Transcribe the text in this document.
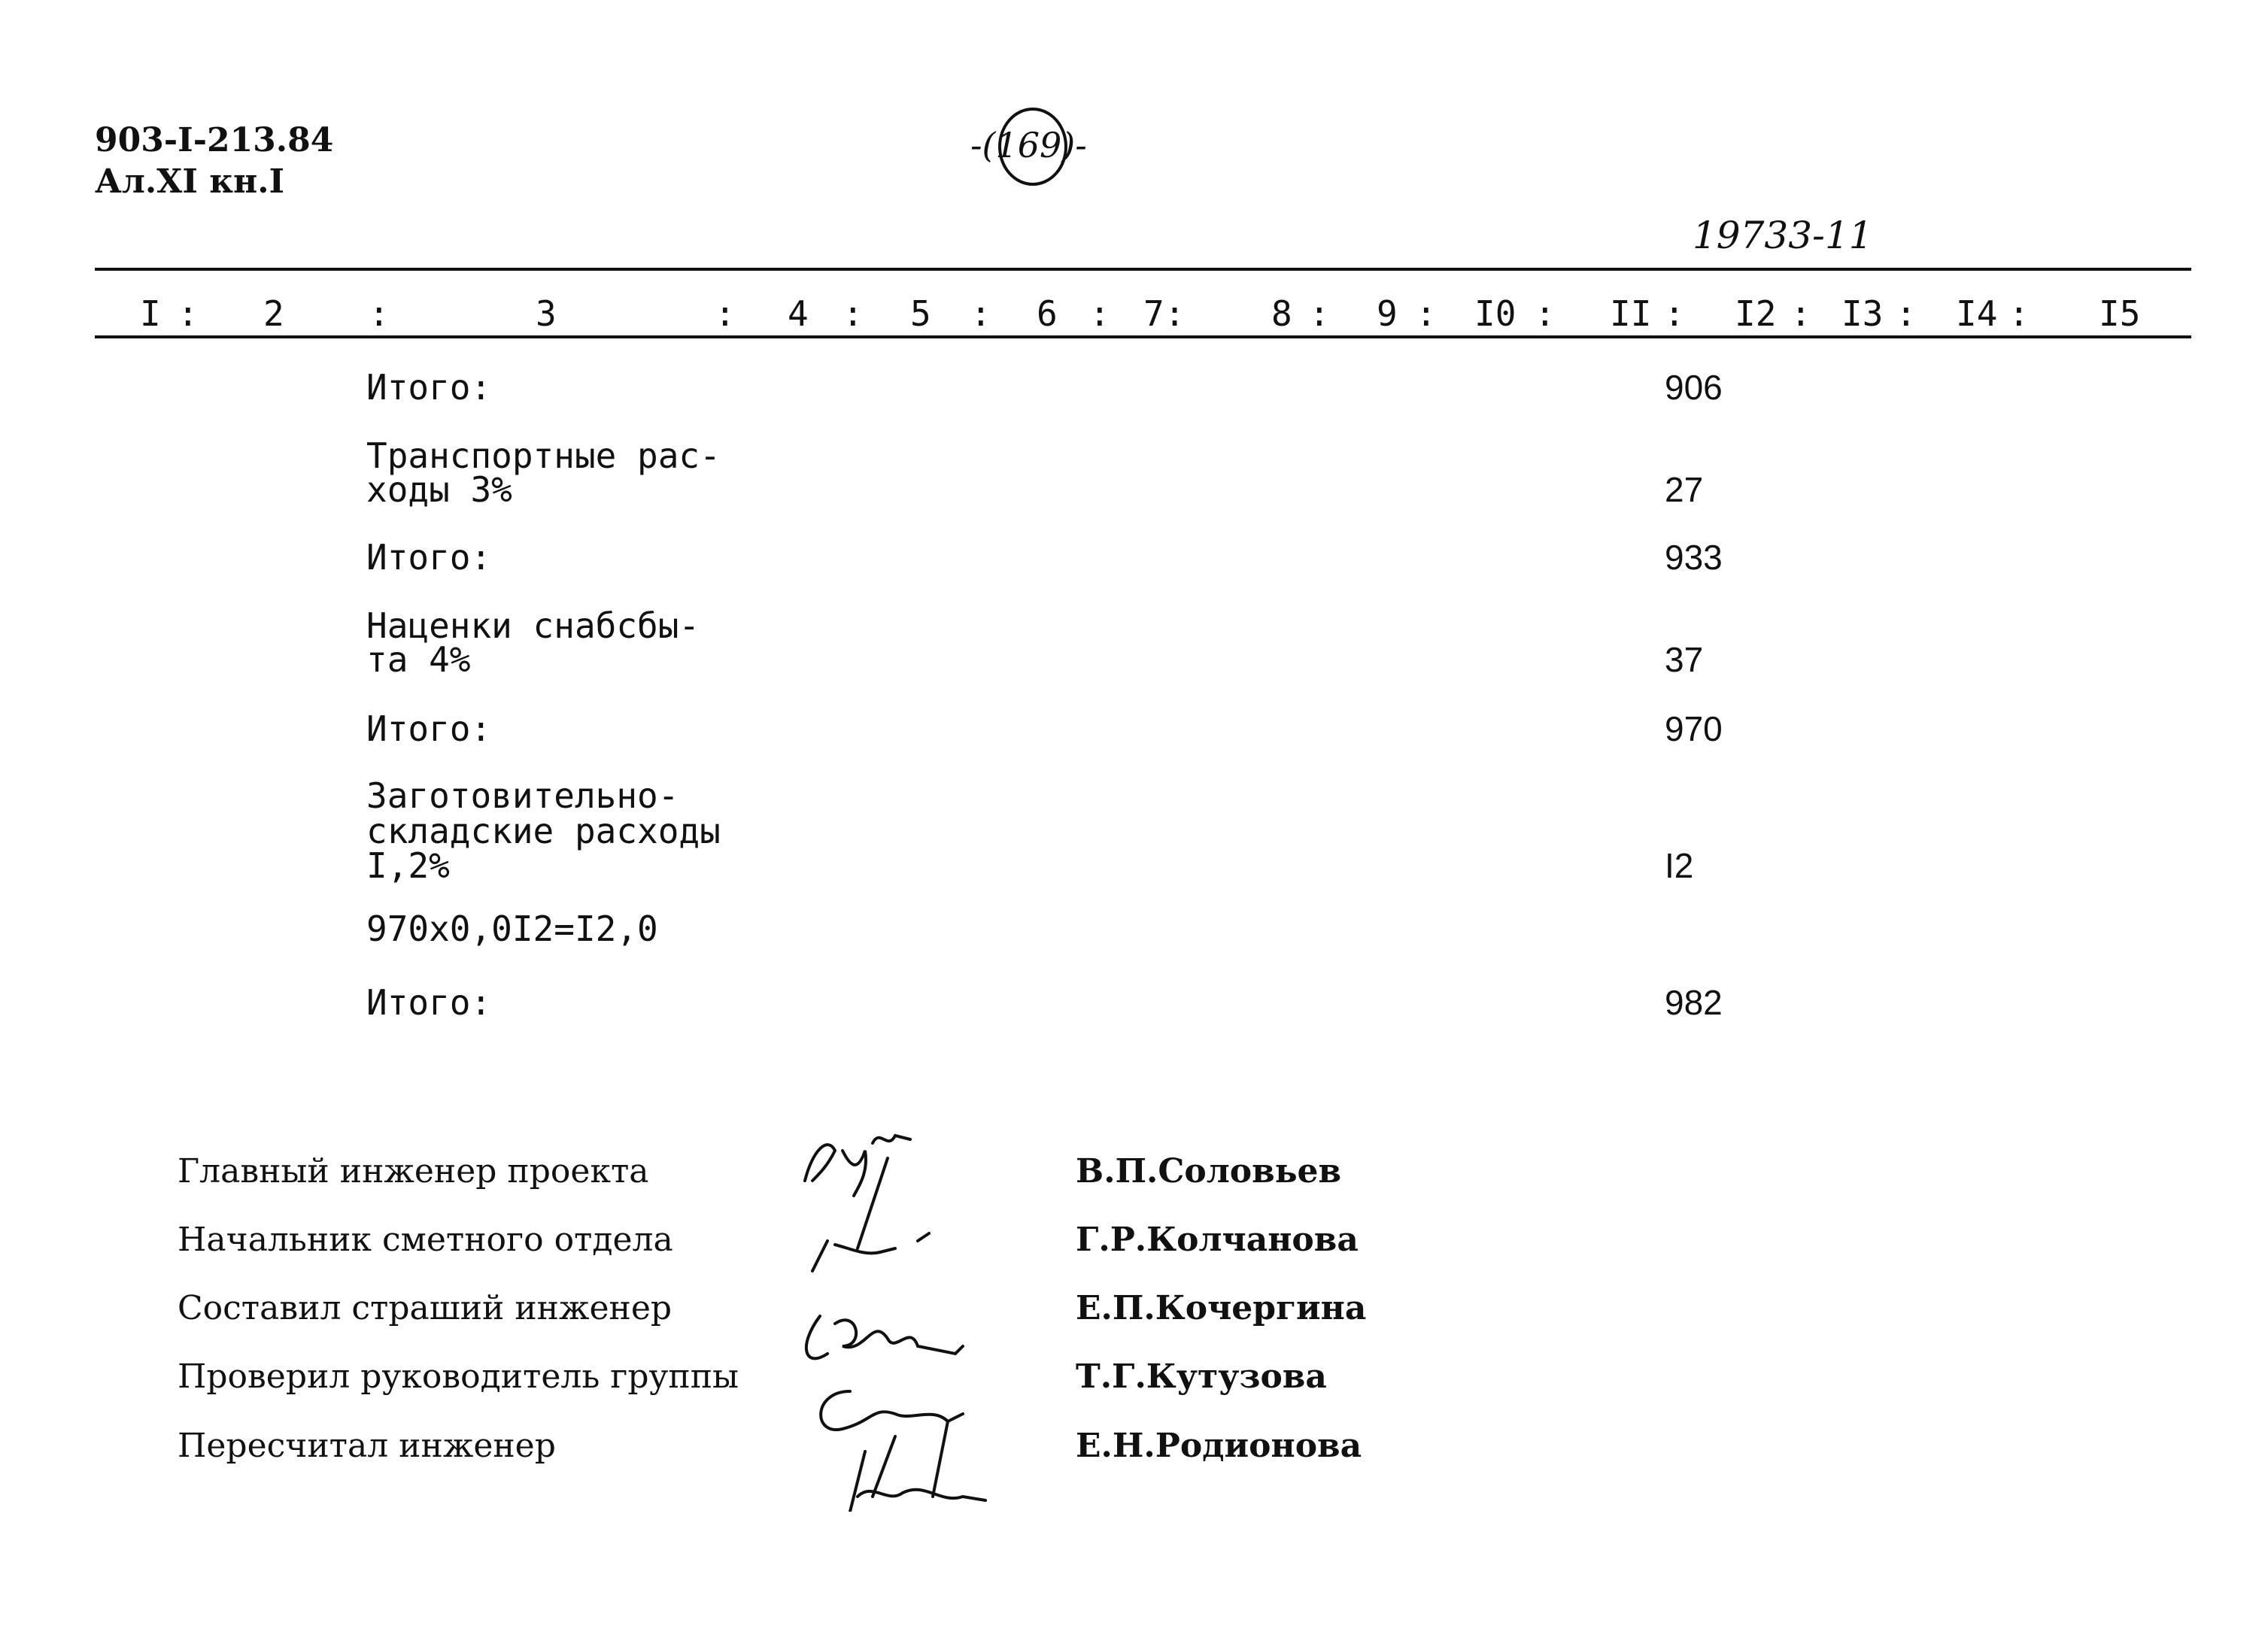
903-I-213.84
Ал.XI кн.I
-(169)-
19733-11
I : 2 :	3	: 4 : 5 : 6 : 7: 8 : 9 : I0 : II : I2 : I3 : I4 : I5
Итого:	906
Транспортные рас-
ходы 3%	27
Итого:	933
Наценки снабсбы-
та 4%	37
Итого:	970
Заготовительно-
складские расходы
I,2%	I2
970x0,0I2=I2,0
Итого:	982
Главный инженер проекта	В.П.Соловьев
Начальник сметного отдела	Г.Р.Колчанова
Составил страший инженер	Е.П.Кочергина
Проверил руководитель группы	Т.Г.Кутузова
Пересчитал инженер	Е.Н.Родионова
